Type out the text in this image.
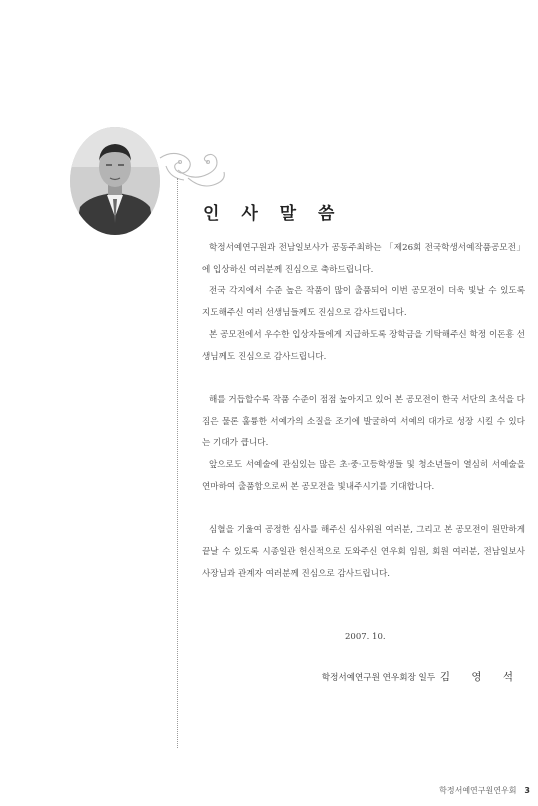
인 사 말 씀

학정서예연구원과 전남일보사가 공동주최하는 「제26회 전국학생서예작품공모전」에 입상하신 여러분께 진심으로 축하드립니다.

전국 각지에서 수준 높은 작품이 많이 출품되어 이번 공모전이 더욱 빛날 수 있도록 지도해주신 여러 선생님들께도 진심으로 감사드립니다.

본 공모전에서 우수한 입상자들에게 지급하도록 장학금을 기탁해주신 학정 이돈흥 선생님께도 진심으로 감사드립니다.

해를 거듭할수록 작품 수준이 점점 높아지고 있어 본 공모전이 한국 서단의 초석을 다짐은 물론 훌륭한 서예가의 소질을 조기에 발굴하여 서예의 대가로 성장 시킬 수 있다는 기대가 큽니다.

앞으로도 서예술에 관심있는 많은 초·중·고등학생들 및 청소년들이 열심히 서예술을 연마하여 출품함으로써 본 공모전을 빛내주시기를 기대합니다.

심혈을 기울여 공정한 심사를 해주신 심사위원 여러분, 그리고 본 공모전이 원만하게 끝날 수 있도록 시종일관 헌신적으로 도와주신 연우회 임원, 회원 여러분, 전남일보사 사장님과 관계자 여러분께 진심으로 감사드립니다.

2007. 10.
학정서예연구원 연우회장 일두 김 영 석
학정서예연구원연우회 3
